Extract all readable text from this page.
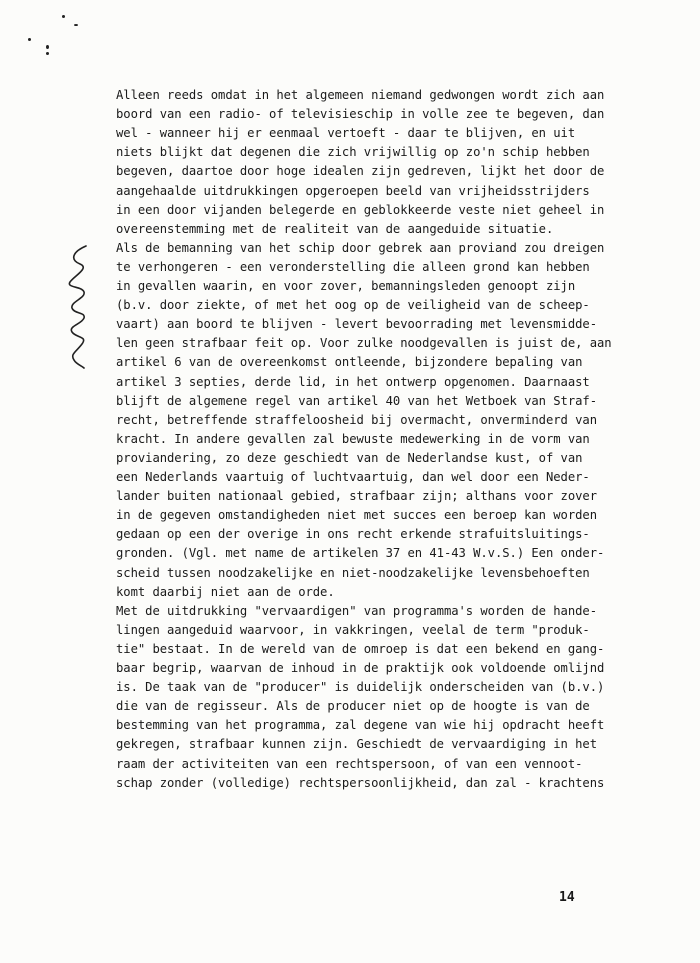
Alleen reeds omdat in het algemeen niemand gedwongen wordt zich aan
boord van een radio- of televisieschip in volle zee te begeven, dan
wel - wanneer hij er eenmaal vertoeft - daar te blijven, en uit
niets blijkt dat degenen die zich vrijwillig op zo'n schip hebben
begeven, daartoe door hoge idealen zijn gedreven, lijkt het door de
aangehaalde uitdrukkingen opgeroepen beeld van vrijheidsstrijders
in een door vijanden belegerde en geblokkeerde veste niet geheel in
overeenstemming met de realiteit van de aangeduide situatie.
Als de bemanning van het schip door gebrek aan proviand zou dreigen
te verhongeren - een veronderstelling die alleen grond kan hebben
in gevallen waarin, en voor zover, bemanningsleden genoopt zijn
(b.v. door ziekte, of met het oog op de veiligheid van de scheep-
vaart) aan boord te blijven - levert bevoorrading met levensmidde-
len geen strafbaar feit op. Voor zulke noodgevallen is juist de, aan
artikel 6 van de overeenkomst ontleende, bijzondere bepaling van
artikel 3 septies, derde lid, in het ontwerp opgenomen. Daarnaast
blijft de algemene regel van artikel 40 van het Wetboek van Straf-
recht, betreffende straffeloosheid bij overmacht, onverminderd van
kracht. In andere gevallen zal bewuste medewerking in de vorm van
proviandering, zo deze geschiedt van de Nederlandse kust, of van
een Nederlands vaartuig of luchtvaartuig, dan wel door een Neder-
lander buiten nationaal gebied, strafbaar zijn; althans voor zover
in de gegeven omstandigheden niet met succes een beroep kan worden
gedaan op een der overige in ons recht erkende strafuitsluitings-
gronden. (Vgl. met name de artikelen 37 en 41-43 W.v.S.) Een onder-
scheid tussen noodzakelijke en niet-noodzakelijke levensbehoeften
komt daarbij niet aan de orde.
Met de uitdrukking "vervaardigen" van programma's worden de hande-
lingen aangeduid waarvoor, in vakkringen, veelal de term "produk-
tie" bestaat. In de wereld van de omroep is dat een bekend en gang-
baar begrip, waarvan de inhoud in de praktijk ook voldoende omlijnd
is. De taak van de "producer" is duidelijk onderscheiden van (b.v.)
die van de regisseur. Als de producer niet op de hoogte is van de
bestemming van het programma, zal degene van wie hij opdracht heeft
gekregen, strafbaar kunnen zijn. Geschiedt de vervaardiging in het
raam der activiteiten van een rechtspersoon, of van een vennoot-
schap zonder (volledige) rechtspersoonlijkheid, dan zal - krachtens
14
